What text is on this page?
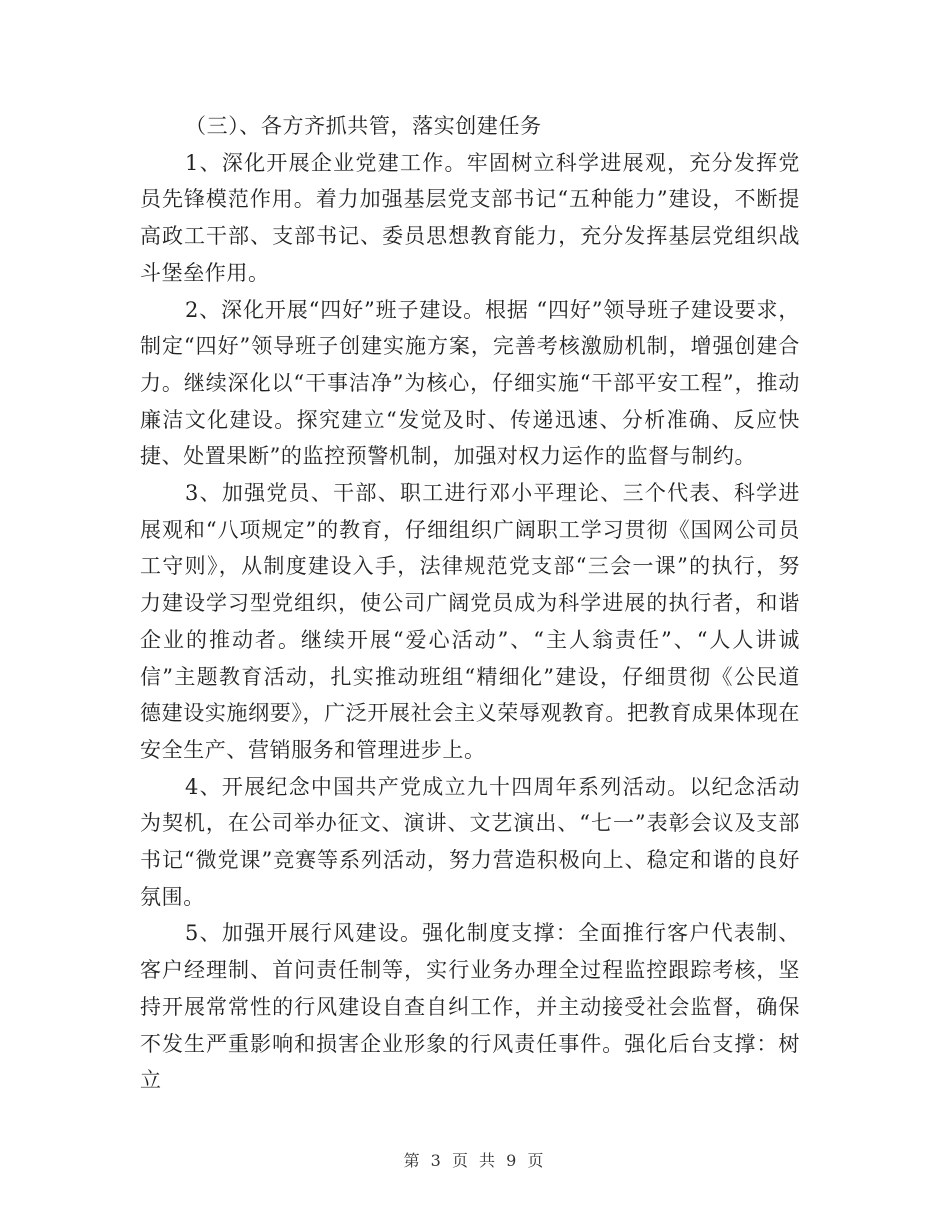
（三）、各方齐抓共管，落实创建任务

1、深化开展企业党建工作。牢固树立科学进展观，充分发挥党员先锋模范作用。着力加强基层党支部书记“五种能力”建设，不断提高政工干部、支部书记、委员思想教育能力，充分发挥基层党组织战斗堡垒作用。

2、深化开展“四好”班子建设。根据 “四好”领导班子建设要求，制定“四好”领导班子创建实施方案，完善考核激励机制，增强创建合力。继续深化以“干事洁净”为核心，仔细实施“干部平安工程”，推动廉洁文化建设。探究建立“发觉及时、传递迅速、分析准确、反应快捷、处置果断”的监控预警机制，加强对权力运作的监督与制约。

3、加强党员、干部、职工进行邓小平理论、三个代表、科学进展观和“八项规定”的教育，仔细组织广阔职工学习贯彻《国网公司员工守则》，从制度建设入手，法律规范党支部“三会一课”的执行，努力建设学习型党组织，使公司广阔党员成为科学进展的执行者，和谐企业的推动者。继续开展“爱心活动”、“主人翁责任”、“人人讲诚信”主题教育活动，扎实推动班组“精细化”建设，仔细贯彻《公民道德建设实施纲要》，广泛开展社会主义荣辱观教育。把教育成果体现在安全生产、营销服务和管理进步上。

4、开展纪念中国共产党成立九十四周年系列活动。以纪念活动为契机，在公司举办征文、演讲、文艺演出、“七一”表彰会议及支部书记“微党课”竞赛等系列活动，努力营造积极向上、稳定和谐的良好氛围。

5、加强开展行风建设。强化制度支撑：全面推行客户代表制、客户经理制、首问责任制等，实行业务办理全过程监控跟踪考核，坚持开展常常性的行风建设自查自纠工作，并主动接受社会监督，确保不发生严重影响和损害企业形象的行风责任事件。强化后台支撑：树立

第 3 页 共 9 页
